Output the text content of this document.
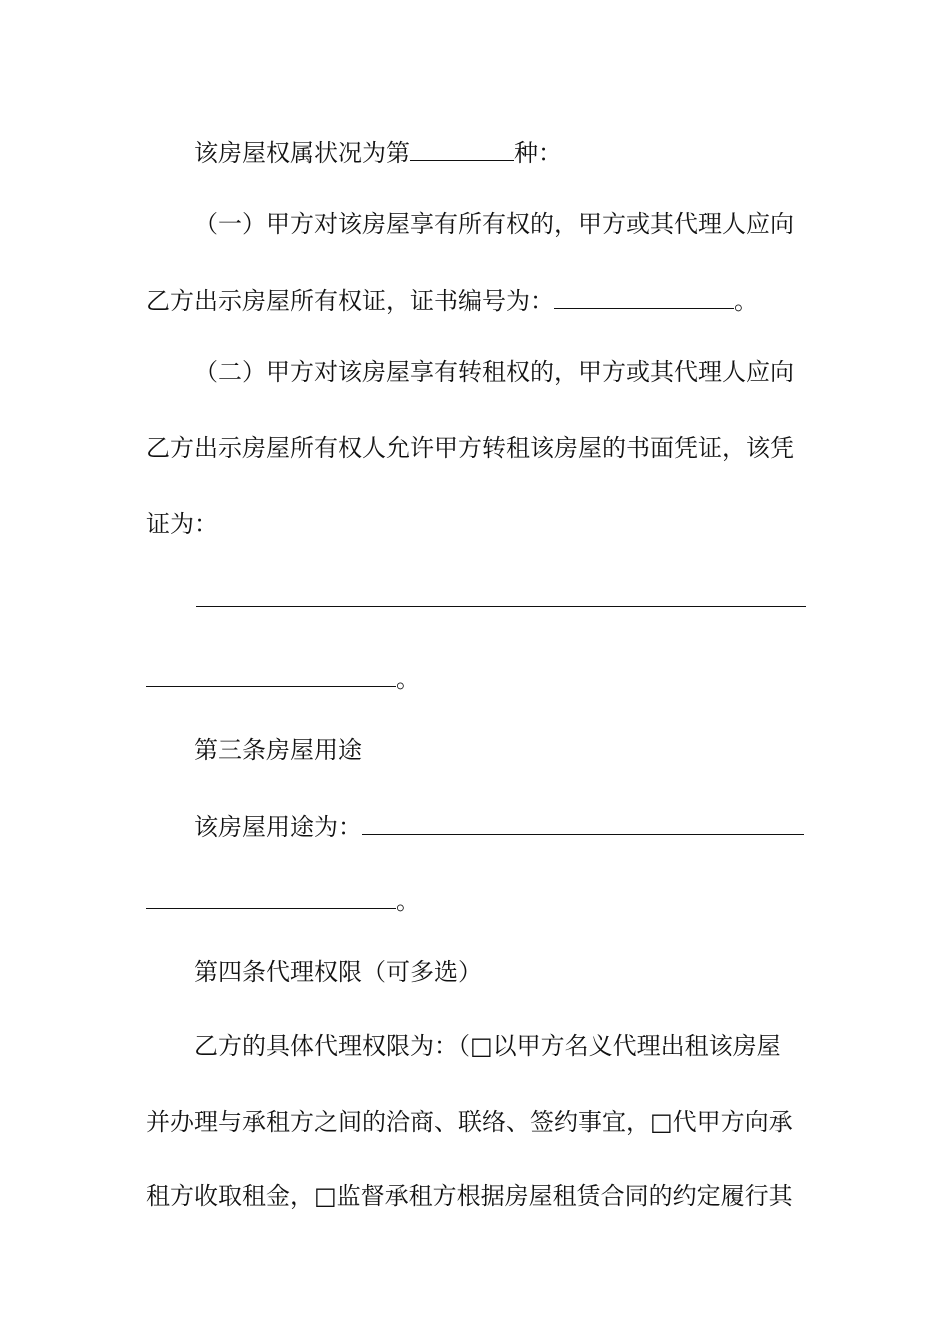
该房屋权属状况为第	种：
（一）甲方对该房屋享有所有权的，甲方或其代理人应向
乙方出示房屋所有权证，证书编号为：	。
（二）甲方对该房屋享有转租权的，甲方或其代理人应向
乙方出示房屋所有权人允许甲方转租该房屋的书面凭证，该凭
证为：
。
第三条房屋用途
该房屋用途为：
。
第四条代理权限（可多选）
乙方的具体代理权限为：（□以甲方名义代理出租该房屋
并办理与承租方之间的洽商、联络、签约事宜，□代甲方向承
租方收取租金，□监督承租方根据房屋租赁合同的约定履行其
